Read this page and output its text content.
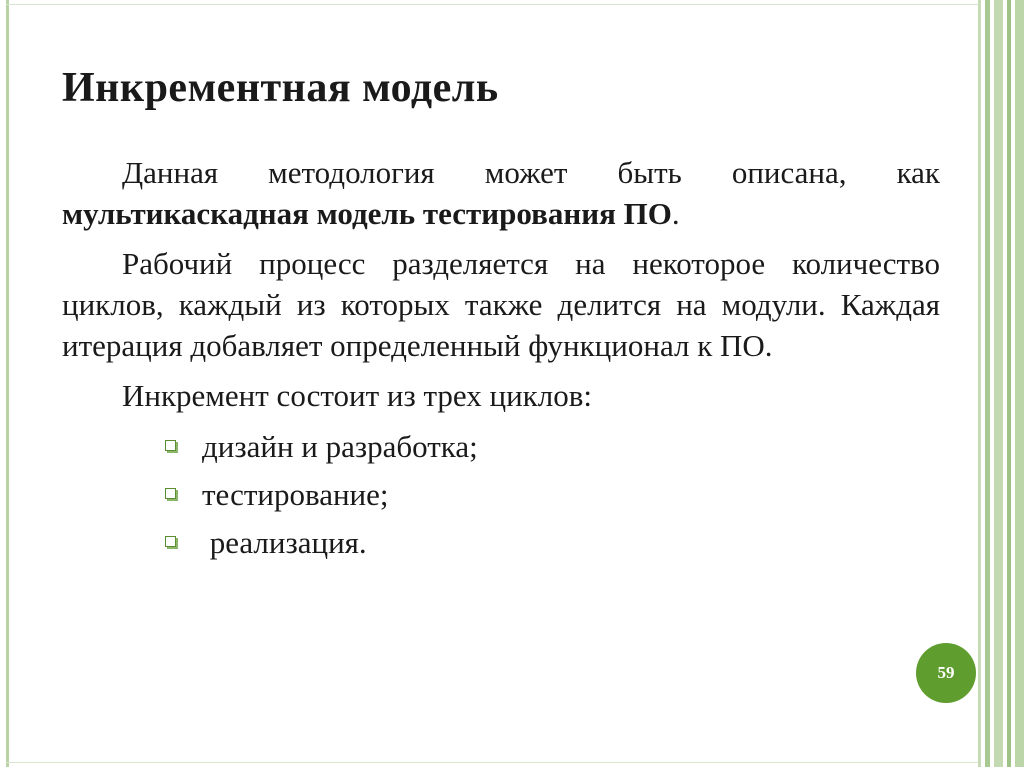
Инкрементная модель

Данная методология может быть описана, как мультикаскадная модель тестирования ПО.

Рабочий процесс разделяется на некоторое количество циклов, каждый из которых также делится на модули. Каждая итерация добавляет определенный функционал к ПО.

Инкремент состоит из трех циклов:

дизайн и разработка;
тестирование;
реализация.
59
